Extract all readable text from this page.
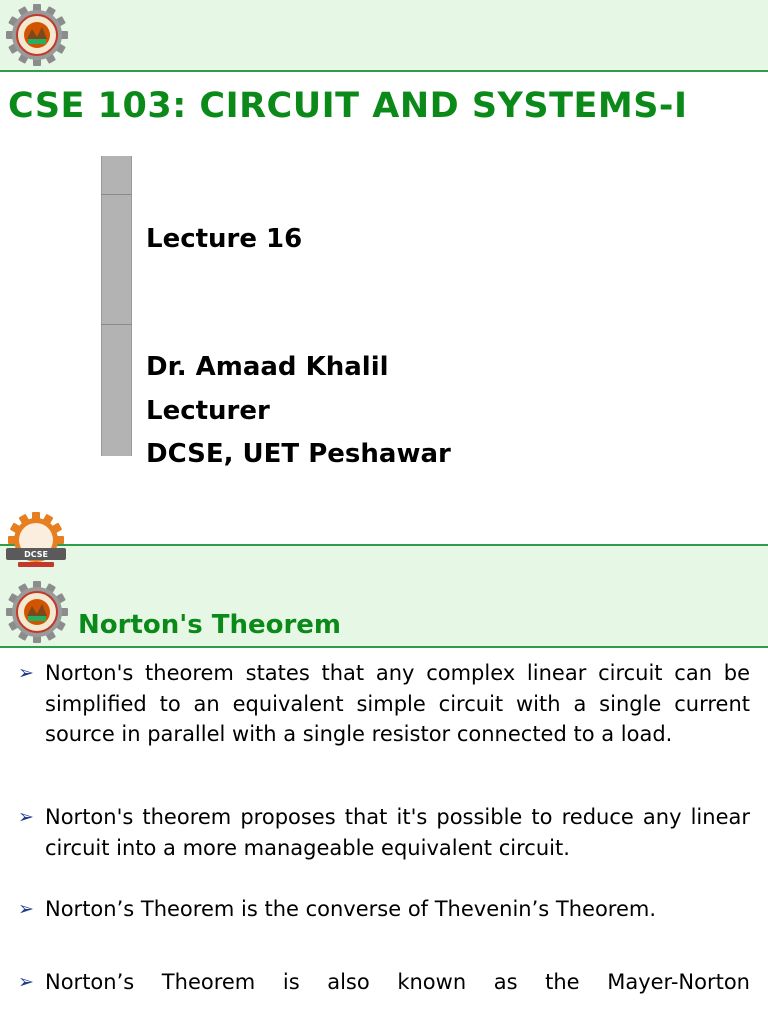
CSE 103: CIRCUIT AND SYSTEMS-I

Lecture 16

Dr. Amaad Khalil

Lecturer

DCSE, UET Peshawar

DCSE
Norton's Theorem
➢ Norton's theorem states that any complex linear circuit can be simplified to an equivalent simple circuit with a single current source in parallel with a single resistor connected to a load.
➢ Norton's theorem proposes that it's possible to reduce any linear circuit into a more manageable equivalent circuit.
➢ Norton’s Theorem is the converse of Thevenin’s Theorem.
➢ Norton’s Theorem is also known as the Mayer-Norton
